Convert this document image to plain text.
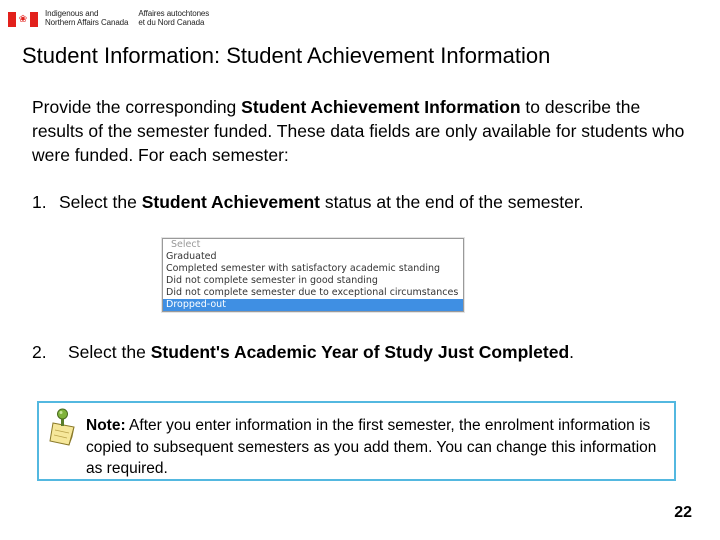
❀	Indigenous and
Northern Affairs Canada
Affaires autochtones
et du Nord Canada
Student Information: Student Achievement Information

Provide the corresponding Student Achievement Information to describe the results of the semester funded. These data fields are only available for students who were funded. For each semester:

1. Select the Student Achievement status at the end of the semester.

Select
Graduated
Completed semester with satisfactory academic standing
Did not complete semester in good standing
Did not complete semester due to exceptional circumstances
Dropped-out

2. Select the Student's Academic Year of Study Just Completed.

Note: After you enter information in the first semester, the enrolment information is copied to subsequent semesters as you add them. You can change this information as required.

22
